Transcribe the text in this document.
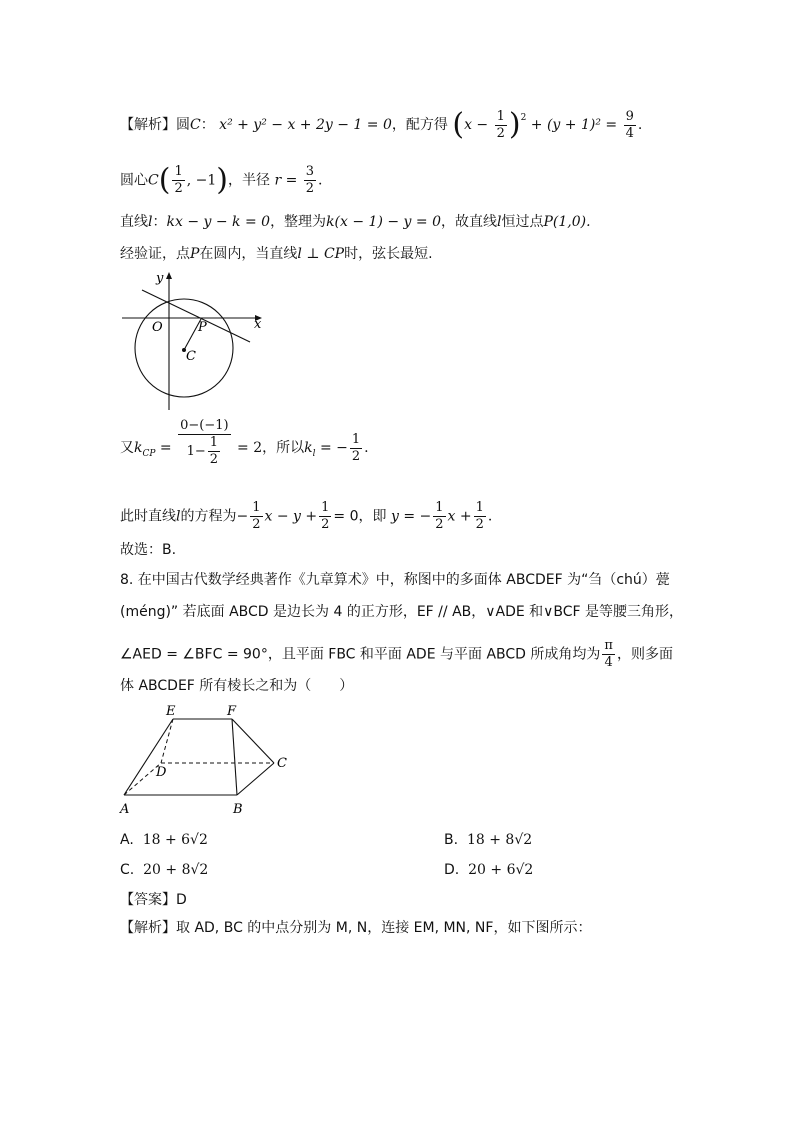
【解析】圆C： x² + y² − x + 2y − 1 = 0，配方得 $(x - \frac{1}{2} )^2 + (y + 1)^2 = \frac{9}{4}$ .
圆心$C( \frac{1}{2}$ , −1)，半径 $r = \frac{3}{2}$ .
直线l：kx − y − k = 0，整理为k(x − 1) − y = 0，故直线l恒过点P(1,0).
经验证，点P在圆内，当直线l ⊥ CP时，弦长最短.
y
x
O	P
C
又$k_{CP} = \frac{0-(-1)}{1- \frac{1}{2}} = 2$，所以$k_l$ = − $\frac{1}{2}$ .
此时直线l的方程为− $\frac{1}{2}$ $x - y + \frac{1}{2} = 0$，即 y = − $\frac{1}{2}$ $x + \frac{1}{2}$ .
故选：B.
8. 在中国古代数学经典著作《九章算术》中，称图中的多面体 ABCDEF 为“刍（chú）甍
(méng)” 若底面 ABCD 是边长为 4 的正方形，EF // AB，∨ADE 和∨BCF 是等腰三角形，
∠AED = ∠BFC = 90°，且平面 FBC 和平面 ADE 与平面 ABCD 所成角均为 $\frac{\pi}{4}$ ，则多面
体 ABCDEF 所有棱长之和为（　　）
E	F
D
C
A	B
A. 18 + 6√2	B. 18 + 8√2
C. 20 + 8√2	D. 20 + 6√2
【答案】D
【解析】取 AD, BC 的中点分别为 M, N，连接 EM, MN, NF，如下图所示：
